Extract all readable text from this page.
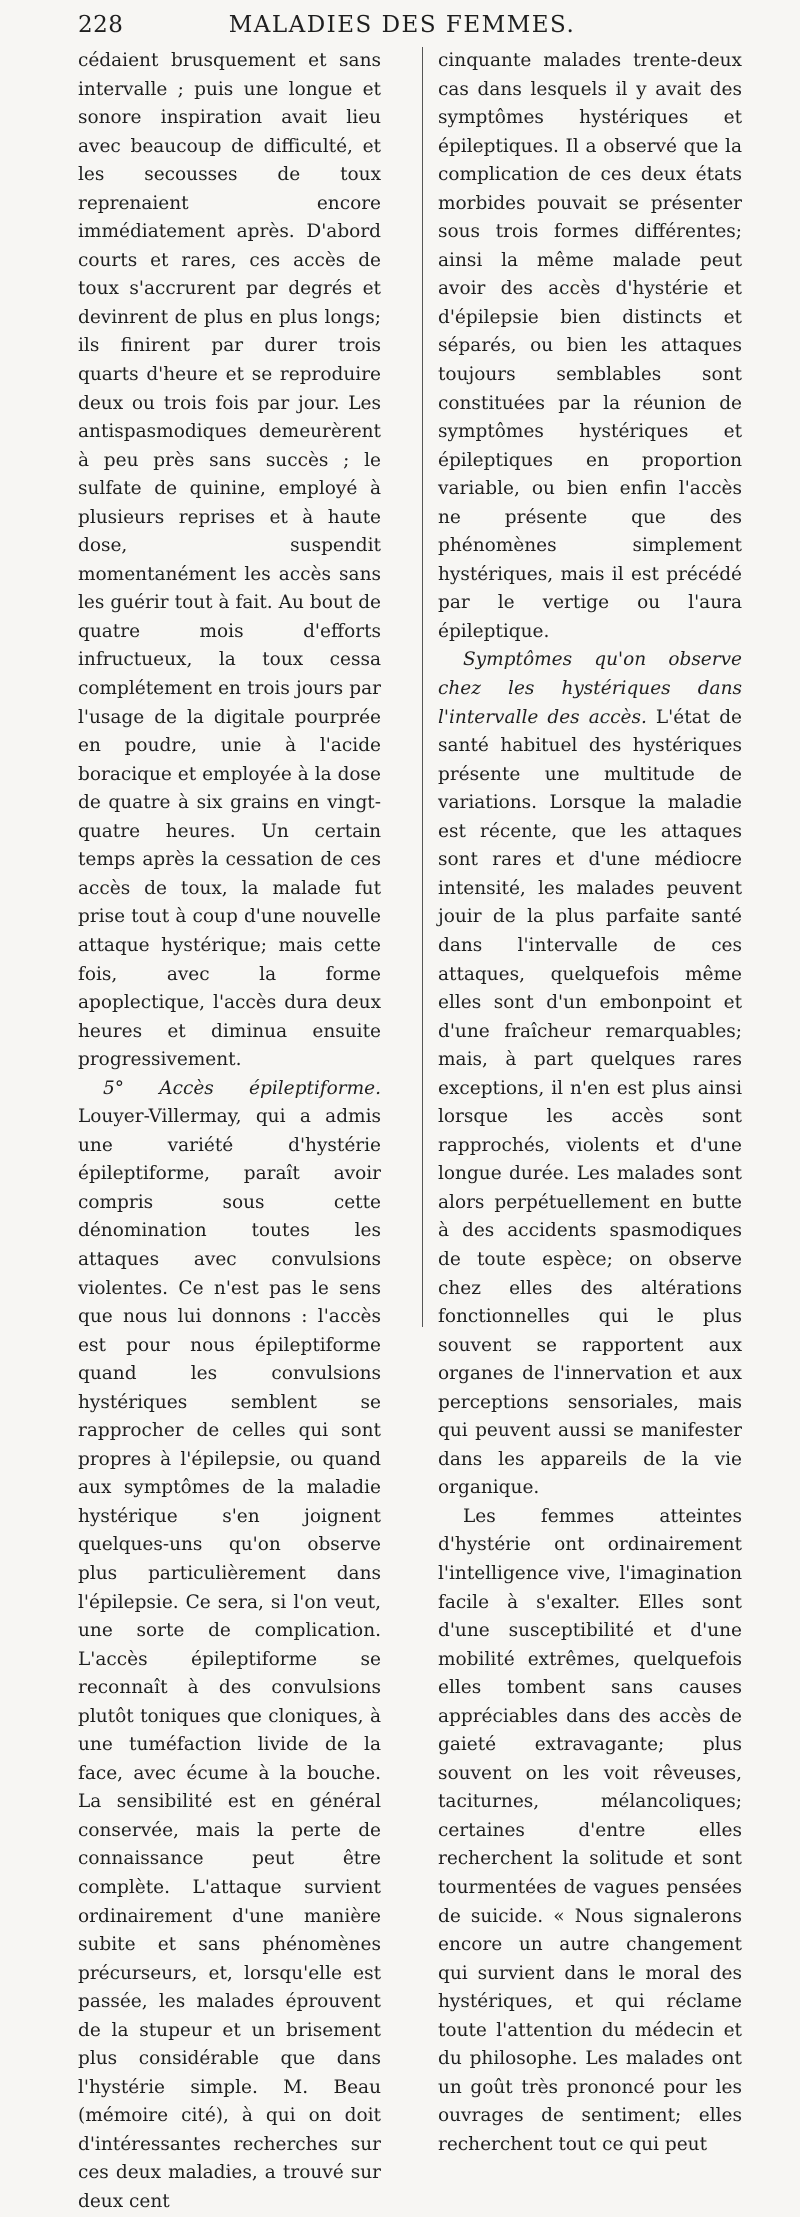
228	MALADIES DES FEMMES.

cédaient brusquement et sans intervalle ; puis une longue et sonore inspiration avait lieu avec beaucoup de difficulté, et les secousses de toux reprenaient encore immédiatement après. D'abord courts et rares, ces accès de toux s'accrurent par degrés et devinrent de plus en plus longs; ils finirent par durer trois quarts d'heure et se reproduire deux ou trois fois par jour. Les antispasmodiques demeurèrent à peu près sans succès ; le sulfate de quinine, employé à plusieurs reprises et à haute dose, suspendit momentanément les accès sans les guérir tout à fait. Au bout de quatre mois d'efforts infructueux, la toux cessa complétement en trois jours par l'usage de la digitale pourprée en poudre, unie à l'acide boracique et employée à la dose de quatre à six grains en vingt-quatre heures. Un certain temps après la cessation de ces accès de toux, la malade fut prise tout à coup d'une nouvelle attaque hystérique; mais cette fois, avec la forme apoplectique, l'accès dura deux heures et diminua ensuite progressivement.

5° Accès épileptiforme. Louyer-Villermay, qui a admis une variété d'hystérie épileptiforme, paraît avoir compris sous cette dénomination toutes les attaques avec convulsions violentes. Ce n'est pas le sens que nous lui donnons : l'accès est pour nous épileptiforme quand les convulsions hystériques semblent se rapprocher de celles qui sont propres à l'épilepsie, ou quand aux symptômes de la maladie hystérique s'en joignent quelques-uns qu'on observe plus particulièrement dans l'épilepsie. Ce sera, si l'on veut, une sorte de complication. L'accès épileptiforme se reconnaît à des convulsions plutôt toniques que cloniques, à une tuméfaction livide de la face, avec écume à la bouche. La sensibilité est en général conservée, mais la perte de connaissance peut être complète. L'attaque survient ordinairement d'une manière subite et sans phénomènes précurseurs, et, lorsqu'elle est passée, les malades éprouvent de la stupeur et un brisement plus considérable que dans l'hystérie simple. M. Beau (mémoire cité), à qui on doit d'intéressantes recherches sur ces deux maladies, a trouvé sur deux cent

cinquante malades trente-deux cas dans lesquels il y avait des symptômes hystériques et épileptiques. Il a observé que la complication de ces deux états morbides pouvait se présenter sous trois formes différentes; ainsi la même malade peut avoir des accès d'hystérie et d'épilepsie bien distincts et séparés, ou bien les attaques toujours semblables sont constituées par la réunion de symptômes hystériques et épileptiques en proportion variable, ou bien enfin l'accès ne présente que des phénomènes simplement hystériques, mais il est précédé par le vertige ou l'aura épileptique.

Symptômes qu'on observe chez les hystériques dans l'intervalle des accès. L'état de santé habituel des hystériques présente une multitude de variations. Lorsque la maladie est récente, que les attaques sont rares et d'une médiocre intensité, les malades peuvent jouir de la plus parfaite santé dans l'intervalle de ces attaques, quelquefois même elles sont d'un embonpoint et d'une fraîcheur remarquables; mais, à part quelques rares exceptions, il n'en est plus ainsi lorsque les accès sont rapprochés, violents et d'une longue durée. Les malades sont alors perpétuellement en butte à des accidents spasmodiques de toute espèce; on observe chez elles des altérations fonctionnelles qui le plus souvent se rapportent aux organes de l'innervation et aux perceptions sensoriales, mais qui peuvent aussi se manifester dans les appareils de la vie organique.

Les femmes atteintes d'hystérie ont ordinairement l'intelligence vive, l'imagination facile à s'exalter. Elles sont d'une susceptibilité et d'une mobilité extrêmes, quelquefois elles tombent sans causes appréciables dans des accès de gaieté extravagante; plus souvent on les voit rêveuses, taciturnes, mélancoliques; certaines d'entre elles recherchent la solitude et sont tourmentées de vagues pensées de suicide. « Nous signalerons encore un autre changement qui survient dans le moral des hystériques, et qui réclame toute l'attention du médecin et du philosophe. Les malades ont un goût très prononcé pour les ouvrages de sentiment; elles recherchent tout ce qui peut
